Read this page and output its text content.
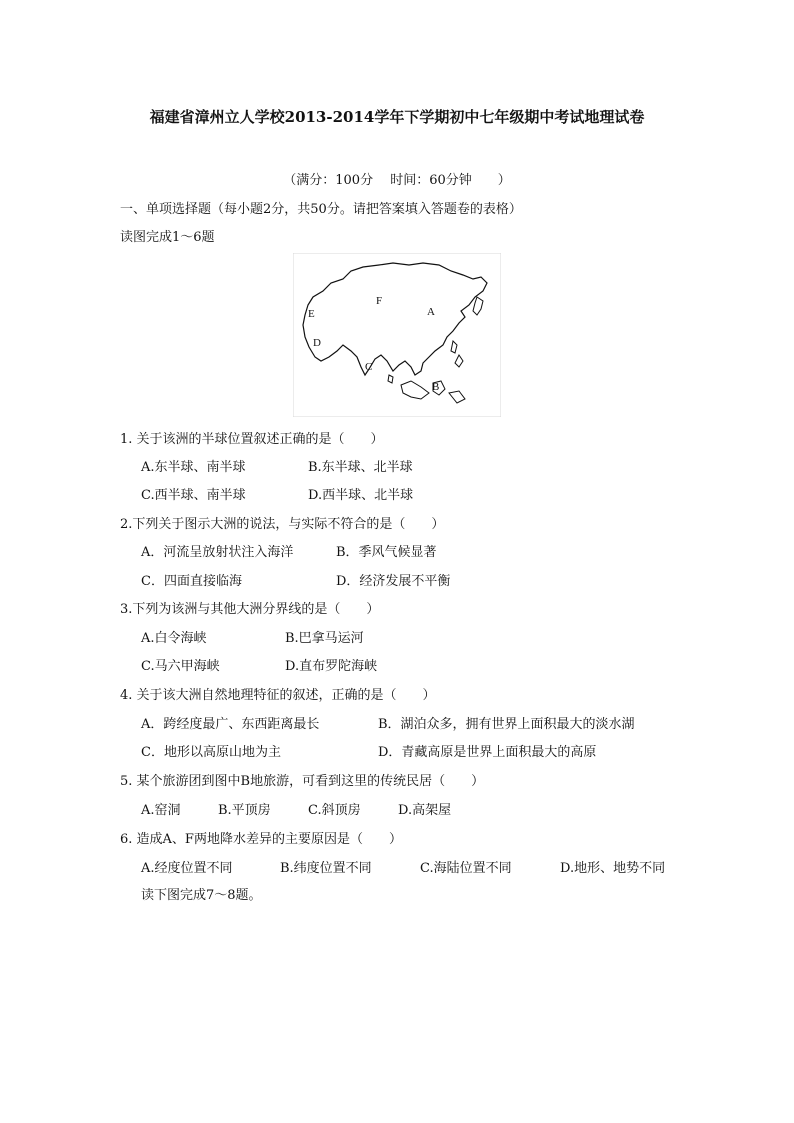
福建省漳州立人学校2013-2014学年下学期初中七年级期中考试地理试卷
（满分：100分　 时间：60分钟　　）
一、单项选择题（每小题2分，共50分。请把答案填入答题卷的表格）
读图完成1～6题
F
A
E
D
C
B
1. 关于该洲的半球位置叙述正确的是（　　）
A.东半球、南半球	B.东半球、北半球
C.西半球、南半球	D.西半球、北半球
2.下列关于图示大洲的说法，与实际不符合的是（　　）
A．河流呈放射状注入海洋	B．季风气候显著
C．四面直接临海	D．经济发展不平衡
3.下列为该洲与其他大洲分界线的是（　　）
A.白令海峡	B.巴拿马运河
C.马六甲海峡	D.直布罗陀海峡
4. 关于该大洲自然地理特征的叙述，正确的是（　　）
A．跨经度最广、东西距离最长	B．湖泊众多，拥有世界上面积最大的淡水湖
C．地形以高原山地为主	D．青藏高原是世界上面积最大的高原
5. 某个旅游团到图中B地旅游，可看到这里的传统民居（　　）
A.窑洞	B.平顶房	C.斜顶房	D.高架屋
6. 造成A、F两地降水差异的主要原因是（　　）
A.经度位置不同	B.纬度位置不同	C.海陆位置不同	D.地形、地势不同
读下图完成7～8题。
